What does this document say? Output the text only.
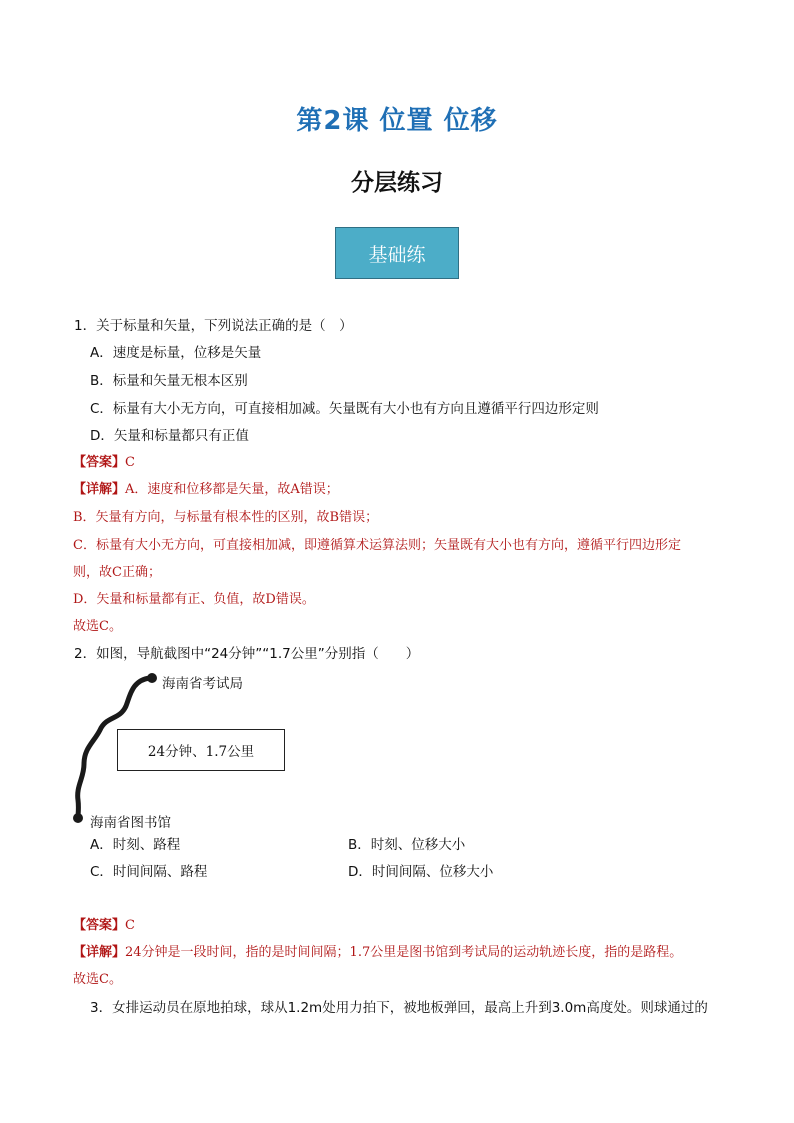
第2课 位置 位移
分层练习
基础练
1．关于标量和矢量，下列说法正确的是（　）
A．速度是标量，位移是矢量
B．标量和矢量无根本区别
C．标量有大小无方向，可直接相加减。矢量既有大小也有方向且遵循平行四边形定则
D．矢量和标量都只有正值
【答案】C
【详解】A．速度和位移都是矢量，故A错误；
B．矢量有方向，与标量有根本性的区别，故B错误；
C．标量有大小无方向，可直接相加减，即遵循算术运算法则；矢量既有大小也有方向，遵循平行四边形定
则，故C正确；
D．矢量和标量都有正、负值，故D错误。
故选C。
2．如图，导航截图中“24分钟”“1.7公里”分别指（　　）
海南省考试局
24分钟、1.7公里
海南省图书馆
A．时刻、路程	B．时刻、位移大小
C．时间间隔、路程	D．时间间隔、位移大小
【答案】C
【详解】24分钟是一段时间，指的是时间间隔；1.7公里是图书馆到考试局的运动轨迹长度，指的是路程。
故选C。
3．女排运动员在原地拍球，球从1.2m处用力拍下，被地板弹回，最高上升到3.0m高度处。则球通过的
